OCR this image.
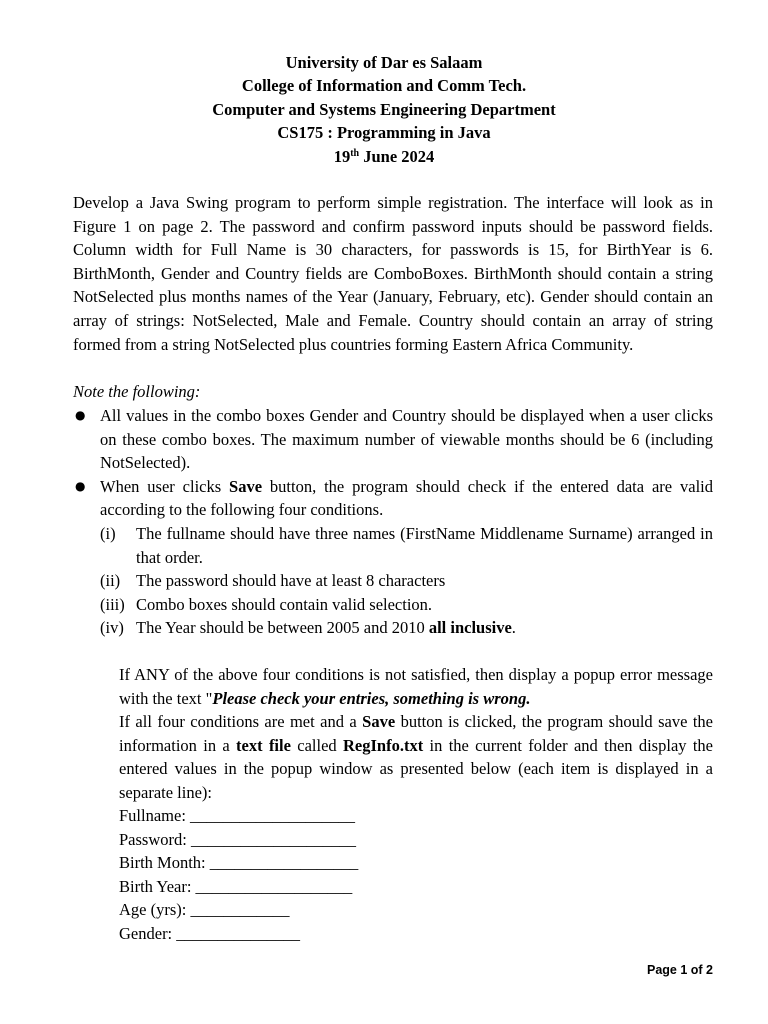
University of Dar es Salaam
College of Information and Comm Tech.
Computer and Systems Engineering Department
CS175 : Programming in Java
19th June 2024
Develop a Java Swing program to perform simple registration. The interface will look as in Figure 1 on page 2. The password and confirm password inputs should be password fields. Column width for Full Name is 30 characters, for passwords is 15, for BirthYear is 6. BirthMonth, Gender and Country fields are ComboBoxes. BirthMonth should contain a string NotSelected plus months names of the Year (January, February, etc). Gender should contain an array of strings: NotSelected, Male and Female. Country should contain an array of string formed from a string NotSelected plus countries forming Eastern Africa Community.
Note the following:
● All values in the combo boxes Gender and Country should be displayed when a user clicks on these combo boxes. The maximum number of viewable months should be 6 (including NotSelected).
● When user clicks Save button, the program should check if the entered data are valid according to the following four conditions.
(i) The fullname should have three names (FirstName Middlename Surname) arranged in that order.
(ii) The password should have at least 8 characters
(iii) Combo boxes should contain valid selection.
(iv) The Year should be between 2005 and 2010 all inclusive.

If ANY of the above four conditions is not satisfied, then display a popup error message with the text "Please check your entries, something is wrong.

If all four conditions are met and a Save button is clicked, the program should save the information in a text file called RegInfo.txt in the current folder and then display the entered values in the popup window as presented below (each item is displayed in a separate line):

Fullname: ____________________
Password: ____________________
Birth Month: __________________
Birth Year: ___________________
Age (yrs): ____________
Gender: _______________
Page 1 of 2
